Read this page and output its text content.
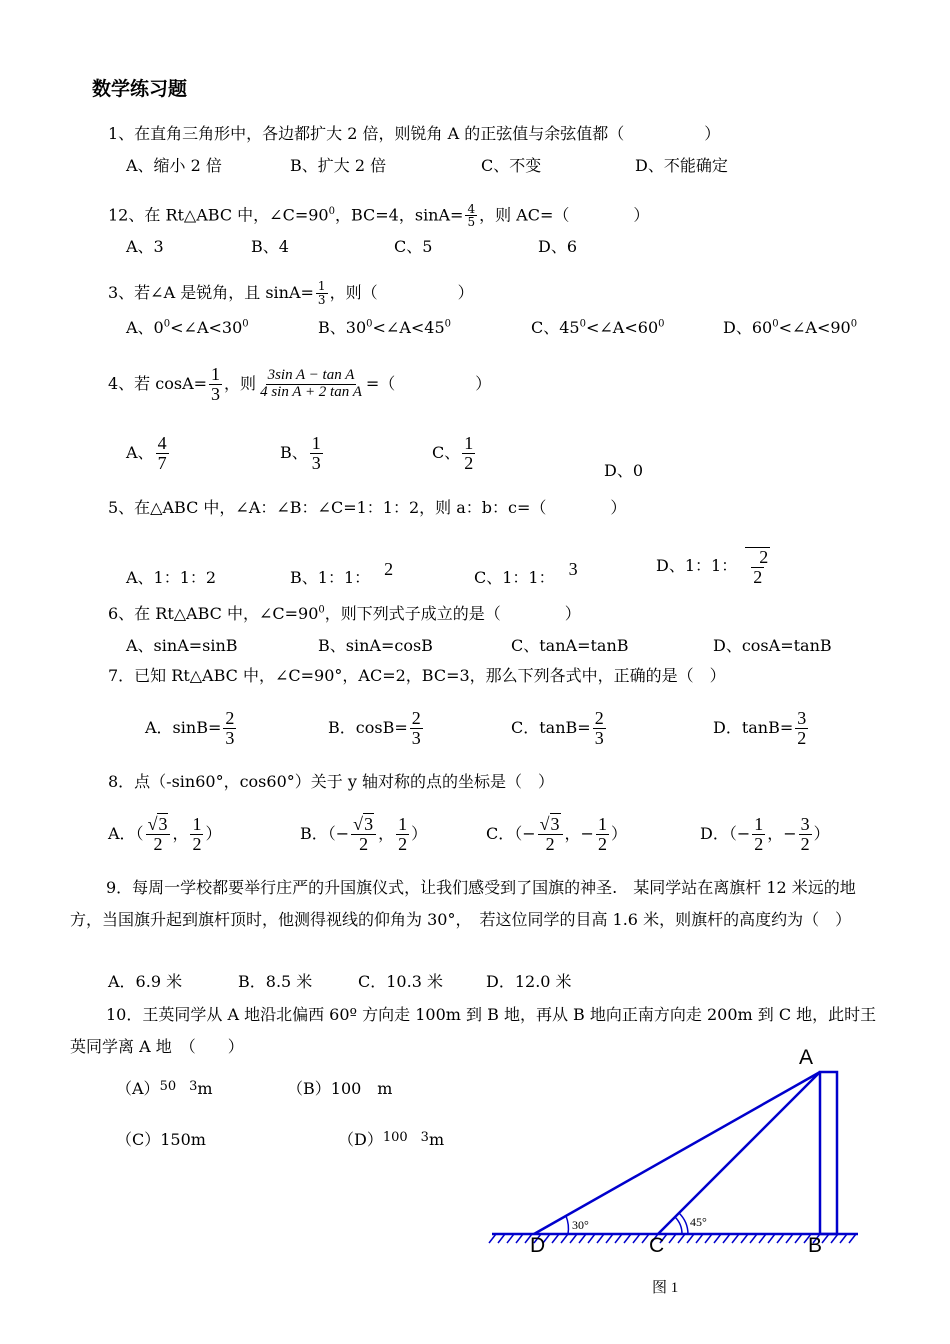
数学练习题
1、在直角三角形中，各边都扩大 2 倍，则锐角 A 的正弦值与余弦值都（　　　　　）
A、缩小 2 倍	B、扩大 2 倍	C、不变	D、不能确定
12、在 Rt△ABC 中，$\angle C=90^0$，BC=4，$\sin A= \frac{4}{5}$ ，则 AC=（　　　　）
A、3	B、4	C、5	D、6
3、若∠A 是锐角，且 $\sin A= \frac{1}{3}$ ，则（　　　　　）
A、$0^0<\angle A<30^0$	B、$30^0<\angle A<45^0$	C、$45^0<\angle A<60^0$	D、$60^0<\angle A<90^0$
4、若 $\cos A= \frac{1}{3}$ ，则 $\frac{\text{3sin A − tan A}}{\text{4 sin A + 2 tan A}}$ =（　　　　　）
A、 $\frac{4}{7}$	B、 $\frac{1}{3}$	C、 $\frac{1}{2}$	D、0
5、在△ABC 中，∠A：∠B：∠C=1：1：2，则 a：b：c=（　　　　）
A、1：1：2	B、1：1： 2	C、1：1： 3	D、1：1： $\frac{2}{2}$
6、在 Rt△ABC 中，$\angle C=90^0$，则下列式子成立的是（　　　　）
A、sinA=sinB	B、sinA=cosB	C、tanA=tanB	D、cosA=tanB
7．已知 Rt△ABC 中，∠C=90°，AC=2，BC=3，那么下列各式中，正确的是（　）
A．$\sin B= \frac{2}{3}$	B．$\cos B= \frac{2}{3}$	C．$\tan B= \frac{2}{3}$	D．$\tan B= \frac{3}{2}$
8．点（-sin60°，cos60°）关于 y 轴对称的点的坐标是（　）
A．（ $\frac{√3}{2}$ ， $\frac{1}{2}$ ）	B．（− $\frac{√3}{2}$ ， $\frac{1}{2}$ ）	C．（− $\frac{√3}{2}$ ，− $\frac{1}{2}$ ）	D．（− $\frac{1}{2}$ ，− $\frac{3}{2}$ ）
9．每周一学校都要举行庄严的升国旗仪式，让我们感受到了国旗的神圣.　某同学站在离旗杆 12 米远的地方，当国旗升起到旗杆顶时，他测得视线的仰角为 30°，　若这位同学的目高 1.6 米，则旗杆的高度约为（　）
A．6.9 米	B．8.5 米	C．10.3 米	D．12.0 米
10．王英同学从 A 地沿北偏西 60º 方向走 100m 到 B 地，再从 B 地向正南方向走 200m 到 C 地，此时王英同学离 A 地　（　　）
$(A)^{50 3}m$	（B）100　m
（C）150m	$(D)^{100 3}m$
A
B
C
D
30°	45°
图 1
